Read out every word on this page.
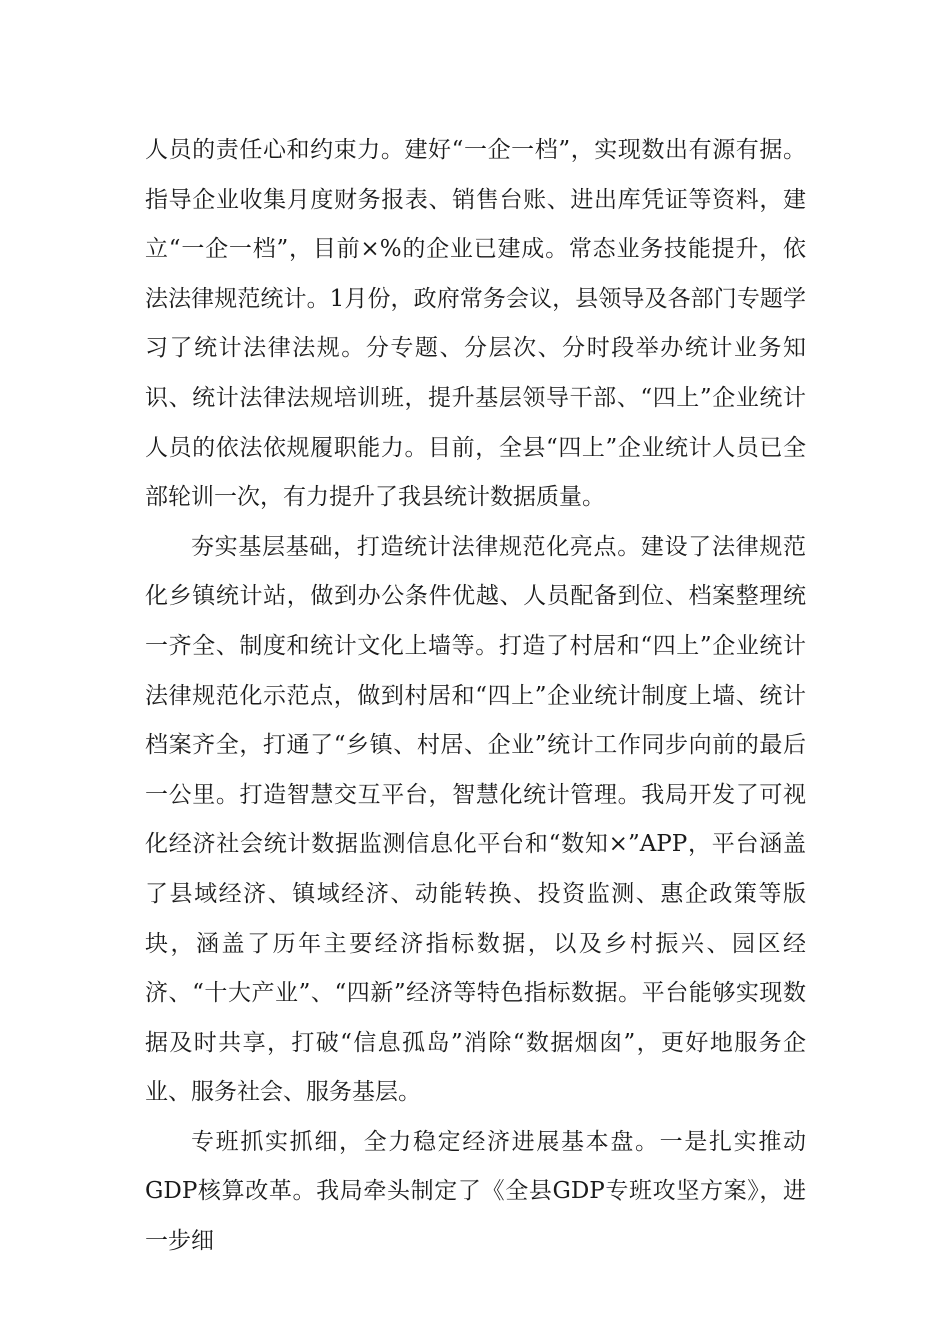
人员的责任心和约束力。建好“一企一档”，实现数出有源有据。指导企业收集月度财务报表、销售台账、进出库凭证等资料，建立“一企一档”，目前×%的企业已建成。常态业务技能提升，依法法律规范统计。1月份，政府常务会议，县领导及各部门专题学习了统计法律法规。分专题、分层次、分时段举办统计业务知识、统计法律法规培训班，提升基层领导干部、“四上”企业统计人员的依法依规履职能力。目前，全县“四上”企业统计人员已全部轮训一次，有力提升了我县统计数据质量。

夯实基层基础，打造统计法律规范化亮点。建设了法律规范化乡镇统计站，做到办公条件优越、人员配备到位、档案整理统一齐全、制度和统计文化上墙等。打造了村居和“四上”企业统计法律规范化示范点，做到村居和“四上”企业统计制度上墙、统计档案齐全，打通了“乡镇、村居、企业”统计工作同步向前的最后一公里。打造智慧交互平台，智慧化统计管理。我局开发了可视化经济社会统计数据监测信息化平台和“数知×”APP，平台涵盖了县域经济、镇域经济、动能转换、投资监测、惠企政策等版块，涵盖了历年主要经济指标数据，以及乡村振兴、园区经济、“十大产业”、“四新”经济等特色指标数据。平台能够实现数据及时共享，打破“信息孤岛”消除“数据烟囱”，更好地服务企业、服务社会、服务基层。

专班抓实抓细，全力稳定经济进展基本盘。一是扎实推动GDP核算改革。我局牵头制定了《全县GDP专班攻坚方案》，进一步细
